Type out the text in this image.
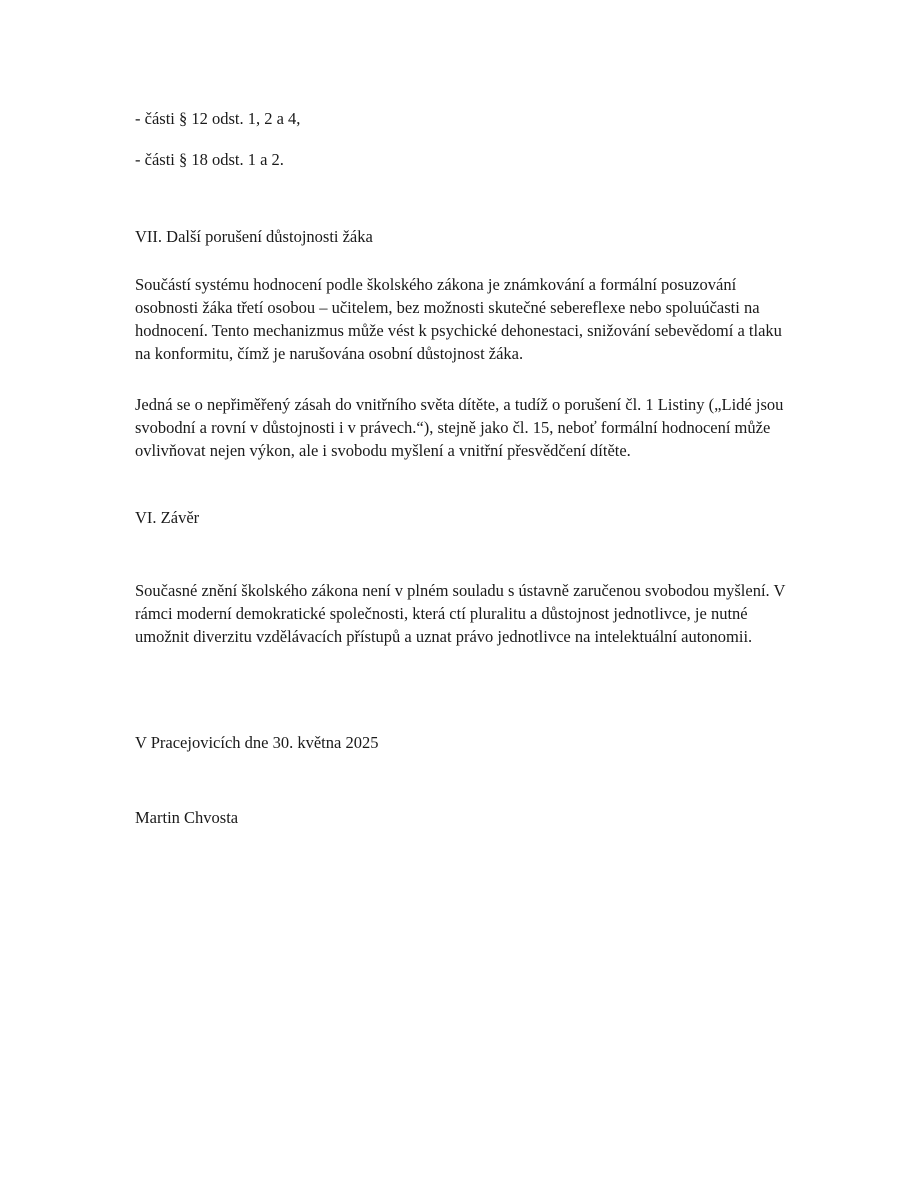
- části § 12 odst. 1, 2 a 4,

- části § 18 odst. 1 a 2.

VII. Další porušení důstojnosti žáka

Součástí systému hodnocení podle školského zákona je známkování a formální posuzování osobnosti žáka třetí osobou – učitelem, bez možnosti skutečné sebereflexe nebo spoluúčasti na hodnocení. Tento mechanizmus může vést k psychické dehonestaci, snižování sebevědomí a tlaku na konformitu, čímž je narušována osobní důstojnost žáka.

Jedná se o nepřiměřený zásah do vnitřního světa dítěte, a tudíž o porušení čl. 1 Listiny („Lidé jsou svobodní a rovní v důstojnosti i v právech.“), stejně jako čl. 15, neboť formální hodnocení může ovlivňovat nejen výkon, ale i svobodu myšlení a vnitřní přesvědčení dítěte.

VI. Závěr

Současné znění školského zákona není v plném souladu s ústavně zaručenou svobodou myšlení. V rámci moderní demokratické společnosti, která ctí pluralitu a důstojnost jednotlivce, je nutné umožnit diverzitu vzdělávacích přístupů a uznat právo jednotlivce na intelektuální autonomii.

V Pracejovicích dne 30. května 2025

Martin Chvosta
